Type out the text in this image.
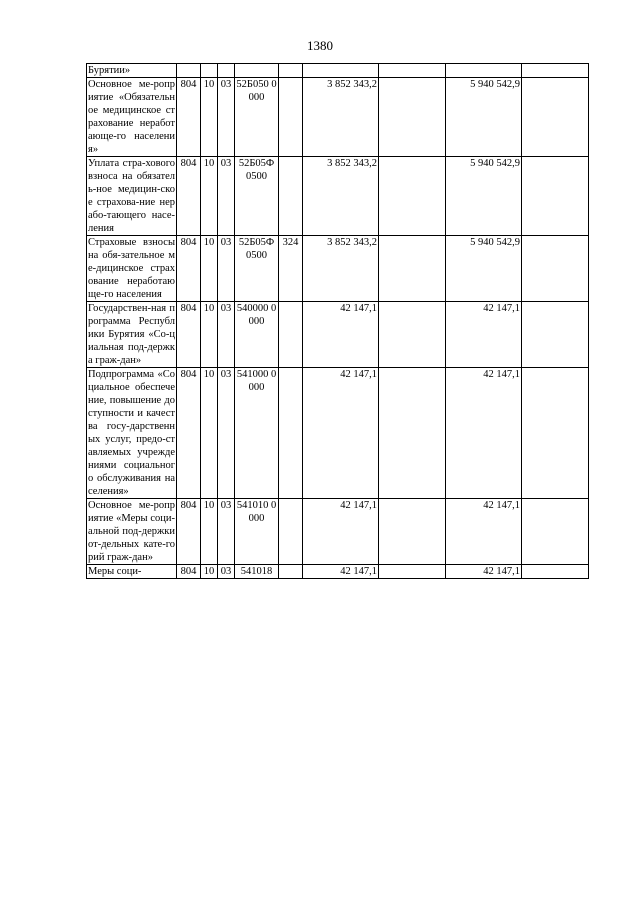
1380
Бурятии»									
Основное ме-роприятие «Обязательное медицинское страхование неработающе-го населения»	804	10	03	52Б050 0000		3 852 343,2		5 940 542,9	
Уплата стра-хового взноса на обязатель-ное медицин-ское страхова-ние нерабо-тающего насе-ления	804	10	03	52Б05Ф 0500		3 852 343,2		5 940 542,9	
Страховые взносы на обя-зательное ме-дицинское страхование неработающе-го населения	804	10	03	52Б05Ф 0500	324	3 852 343,2		5 940 542,9	
Государствен-ная программа Республики Бурятия «Со-циальная под-держка граж-дан»	804	10	03	540000 0000		42 147,1		42 147,1	
Подпрограмма «Социальное обеспечение, повышение доступности и качества госу-дарственных услуг, предо-ставляемых учреждениями социального обслуживания населения»	804	10	03	541000 0000		42 147,1		42 147,1	
Основное ме-роприятие «Меры соци-альной под-держки от-дельных кате-горий граж-дан»	804	10	03	541010 0000		42 147,1		42 147,1	
Меры соци-	804	10	03	541018		42 147,1		42 147,1	
